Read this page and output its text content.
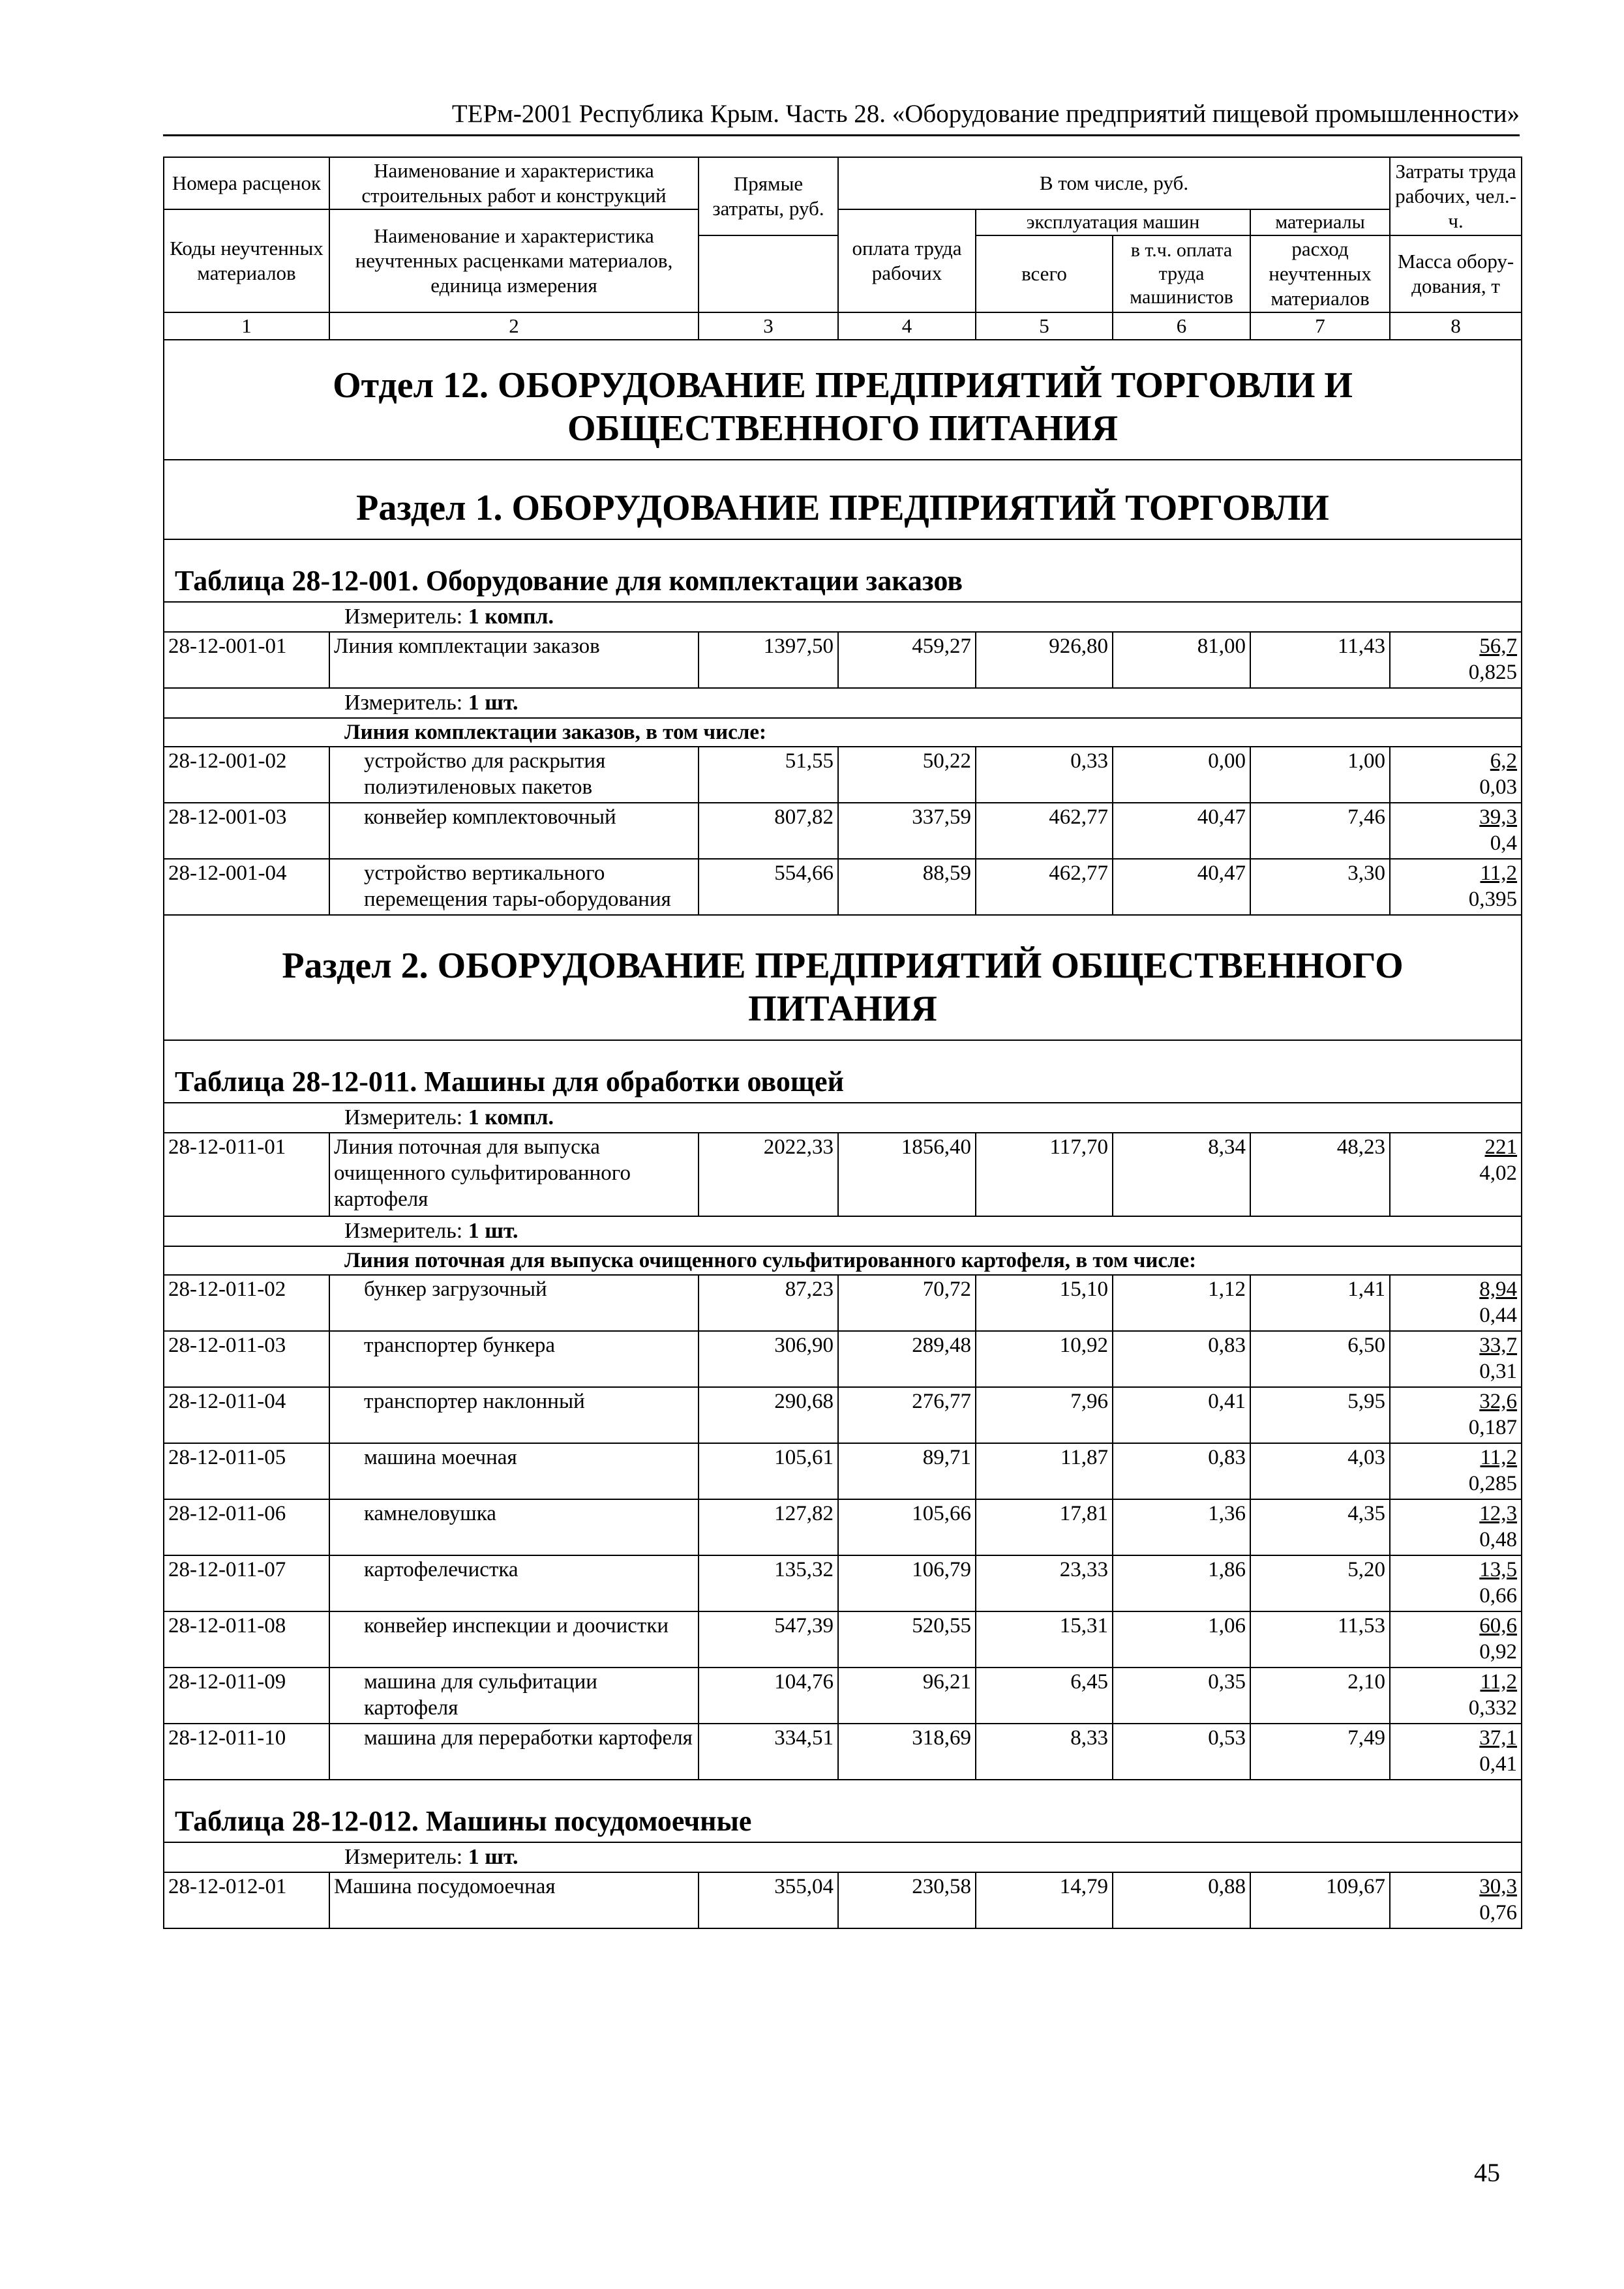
ТЕРм-2001 Республика Крым. Часть 28. «Оборудование предприятий пищевой промышленности»
Номера расценок	Наименование и характеристика строительных работ и конструкций	Прямые затраты, руб.	В том числе, руб.				Затраты труда рабочих, чел.-ч.
Коды неучтенных материалов	Наименование и характеристика неучтенных расценками материалов, единица измерения		оплата труда рабочих	эксплуатация машин		материалы	
				всего	в т.ч. оплата труда машинистов	расход неучтенных материалов	Масса обору-дования, т

1	2	3	4	5	6	7	8
Отдел 12. ОБОРУДОВАНИЕ ПРЕДПРИЯТИЙ ТОРГОВЛИ И ОБЩЕСТВЕННОГО ПИТАНИЯ							
Раздел 1. ОБОРУДОВАНИЕ ПРЕДПРИЯТИЙ ТОРГОВЛИ							
Таблица 28-12-001. Оборудование для комплектации заказов							
Измеритель: 1 компл.							
28-12-001-01	Линия комплектации заказов	1397,50	459,27	926,80	81,00	11,43	56,7
0,825

Измеритель: 1 шт.							
Линия комплектации заказов, в том числе:							
28-12-001-02	устройство для раскрытия полиэтиленовых пакетов	51,55	50,22	0,33	0,00	1,00	6,2
0,03

28-12-001-03	конвейер комплектовочный	807,82	337,59	462,77	40,47	7,46	39,3
0,4

28-12-001-04	устройство вертикального перемещения тары-оборудования	554,66	88,59	462,77	40,47	3,30	11,2
0,395

Раздел 2. ОБОРУДОВАНИЕ ПРЕДПРИЯТИЙ ОБЩЕСТВЕННОГО ПИТАНИЯ							
Таблица 28-12-011. Машины для обработки овощей							
Измеритель: 1 компл.							
28-12-011-01	Линия поточная для выпуска очищенного сульфитированного картофеля	2022,33	1856,40	117,70	8,34	48,23	221
4,02

Измеритель: 1 шт.							
Линия поточная для выпуска очищенного сульфитированного картофеля, в том числе:							
28-12-011-02	бункер загрузочный	87,23	70,72	15,10	1,12	1,41	8,94
0,44

28-12-011-03	транспортер бункера	306,90	289,48	10,92	0,83	6,50	33,7
0,31

28-12-011-04	транспортер наклонный	290,68	276,77	7,96	0,41	5,95	32,6
0,187

28-12-011-05	машина моечная	105,61	89,71	11,87	0,83	4,03	11,2
0,285

28-12-011-06	камнеловушка	127,82	105,66	17,81	1,36	4,35	12,3
0,48

28-12-011-07	картофелечистка	135,32	106,79	23,33	1,86	5,20	13,5
0,66

28-12-011-08	конвейер инспекции и доочистки	547,39	520,55	15,31	1,06	11,53	60,6
0,92

28-12-011-09	машина для сульфитации картофеля	104,76	96,21	6,45	0,35	2,10	11,2
0,332

28-12-011-10	машина для переработки картофеля	334,51	318,69	8,33	0,53	7,49	37,1
0,41

Таблица 28-12-012. Машины посудомоечные							
Измеритель: 1 шт.							
28-12-012-01	Машина посудомоечная	355,04	230,58	14,79	0,88	109,67	30,3
0,76
45
